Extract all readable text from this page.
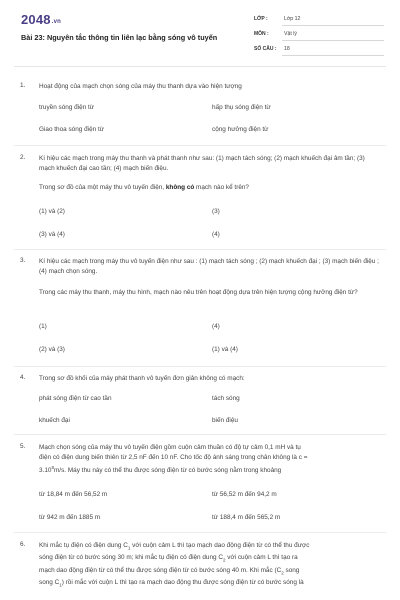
2048.vn
Bài 23: Nguyên tắc thông tin liên lạc bằng sóng vô tuyến
LỚP :	Lớp 12
MÔN :	Vật lý
SỐ CÂU : 18
1. Hoạt động của mạch chọn sóng của máy thu thanh dựa vào hiện tượng
truyền sóng điện từ	hấp thụ sóng điện từ
Giao thoa sóng điện từ	cộng hưởng điện từ
2. Kí hiệu các mạch trong máy thu thanh và phát thanh như sau: (1) mạch tách sóng; (2) mạch khuếch đại âm tần; (3) mạch khuếch đại cao tần; (4) mạch biến điệu.
Trong sơ đồ của một máy thu vô tuyến điện, không có mạch nào kể trên?
(1) và (2)	(3)
(3) và (4)	(4)
3. Kí hiệu các mạch trong máy thu vô tuyến điện như sau : (1) mạch tách sóng ; (2) mạch khuếch đại ; (3) mạch biến điệu ; (4) mạch chọn sóng.
Trong các máy thu thanh, máy thu hình, mạch nào nêu trên hoạt động dựa trên hiện tượng cộng hưởng điện từ?
(1)	(4)
(2) và (3)	(1) và (4)
4. Trong sơ đồ khối của máy phát thanh vô tuyến đơn giản không có mạch:
phát sóng điện từ cao tần	tách sóng
khuếch đại	biến điệu
5. Mạch chọn sóng của máy thu vô tuyến điện gồm cuộn cảm thuần có độ tự cảm 0,1 mH và tụ
điện có điện dung biến thiên từ 2,5 nF đến 10 nF. Cho tốc độ ánh sáng trong chân không là c =
$3.10^8m/s$. Máy thu này có thể thu được sóng điện từ có bước sóng nằm trong khoảng
từ 18,84 m đến 56,52 m	từ 56,52 m đến 94,2 m
từ 942 m đến 1885 m	từ 188,4 m đến 565,2 m
6. Khi mắc tụ điện có điện dung $C_1$ với cuộn cảm L thì tạo mạch dao động điện từ có thể thu được
sóng điện từ có bước sóng 30 m; khi mắc tụ điện có điện dung $C_2$ với cuộn cảm L thì tạo ra
mạch dao động điện từ có thể thu được sóng điện từ có bước sóng 40 m. Khi mắc ($C_2$ song
song $C_1$) rồi mắc với cuộn L thì tạo ra mạch dao động thu được sóng điện từ có bước sóng là
